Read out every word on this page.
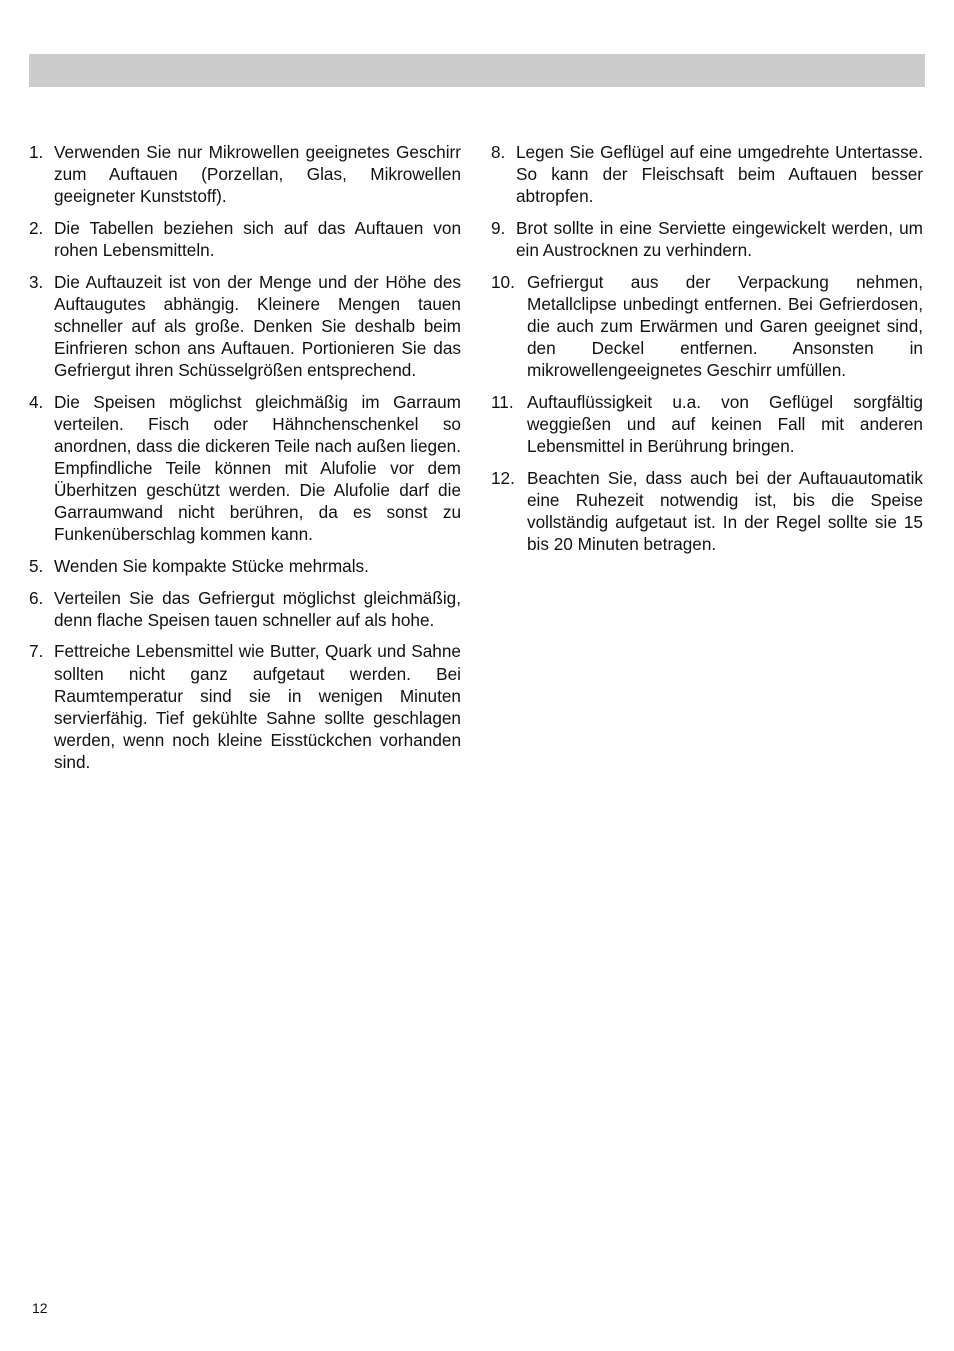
1. Verwenden Sie nur Mikrowellen geeignetes Geschirr zum Auftauen (Porzellan, Glas, Mikrowellen geeigneter Kunststoff).
2. Die Tabellen beziehen sich auf das Auftauen von rohen Lebensmitteln.
3. Die Auftauzeit ist von der Menge und der Höhe des Auftaugutes abhängig. Kleinere Mengen tauen schneller auf als große. Denken Sie deshalb beim Einfrieren schon ans Auftauen. Portionieren Sie das Gefriergut ihren Schüsselgrößen entsprechend.
4. Die Speisen möglichst gleichmäßig im Garraum verteilen. Fisch oder Hähnchenschenkel so anordnen, dass die dickeren Teile nach außen liegen. Empfindliche Teile können mit Alufolie vor dem Überhitzen geschützt werden. Die Alufolie darf die Garraumwand nicht berühren, da es sonst zu Funkenüberschlag kommen kann.
5. Wenden Sie kompakte Stücke mehrmals.
6. Verteilen Sie das Gefriergut möglichst gleichmäßig, denn flache Speisen tauen schneller auf als hohe.
7. Fettreiche Lebensmittel wie Butter, Quark und Sahne sollten nicht ganz aufgetaut werden. Bei Raumtemperatur sind sie in wenigen Minuten servierfähig. Tief gekühlte Sahne sollte geschlagen werden, wenn noch kleine Eisstückchen vorhanden sind.
8. Legen Sie Geflügel auf eine umgedrehte Untertasse. So kann der Fleischsaft beim Auftauen besser abtropfen.
9. Brot sollte in eine Serviette eingewickelt werden, um ein Austrocknen zu verhindern.
10. Gefriergut aus der Verpackung nehmen, Metallclipse unbedingt entfernen. Bei Gefrierdosen, die auch zum Erwärmen und Garen geeignet sind, den Deckel entfernen. Ansonsten in mikrowellengeeignetes Geschirr umfüllen.
11. Auftauflüssigkeit u.a. von Geflügel sorgfältig weggießen und auf keinen Fall mit anderen Lebensmittel in Berührung bringen.
12. Beachten Sie, dass auch bei der Auftauautomatik eine Ruhezeit notwendig ist, bis die Speise vollständig aufgetaut ist. In der Regel sollte sie 15 bis 20 Minuten betragen.
12
